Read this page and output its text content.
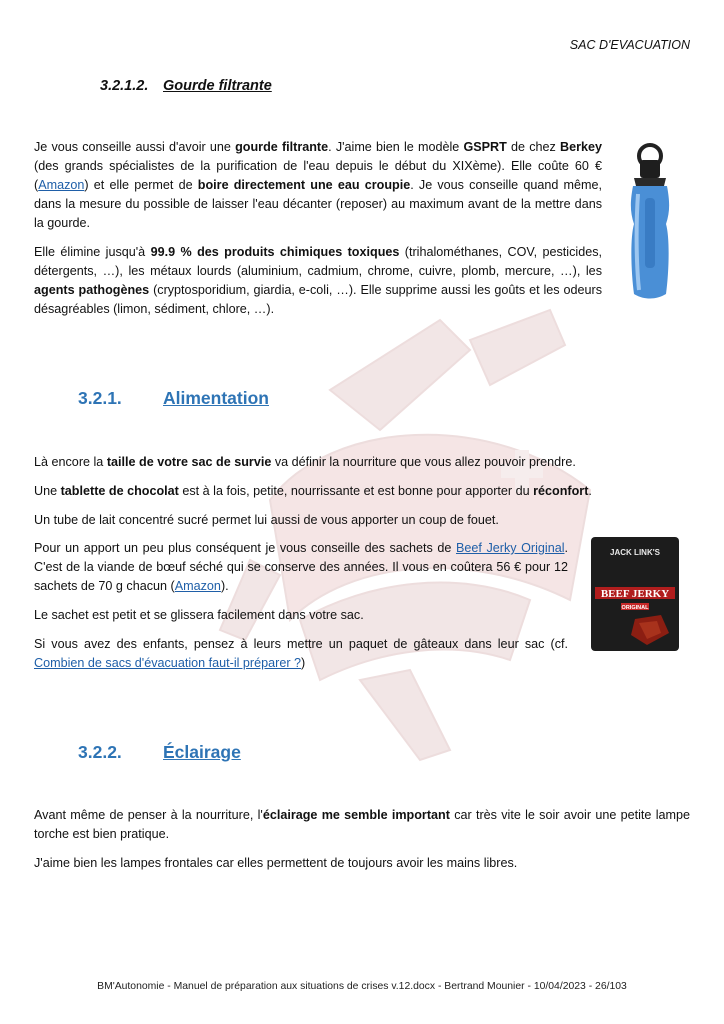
SAC D'EVACUATION
3.2.1.2. Gourde filtrante

Je vous conseille aussi d'avoir une gourde filtrante. J'aime bien le modèle GSPRT de chez Berkey (des grands spécialistes de la purification de l'eau depuis le début du XIXème). Elle coûte 60 € (Amazon) et elle permet de boire directement une eau croupie. Je vous conseille quand même, dans la mesure du possible de laisser l'eau décanter (reposer) au maximum avant de la mettre dans la gourde.

Elle élimine jusqu'à 99.9 % des produits chimiques toxiques (trihalométhanes, COV, pesticides, détergents, …), les métaux lourds (aluminium, cadmium, chrome, cuivre, plomb, mercure, …), les agents pathogènes (cryptosporidium, giardia, e-coli, …). Elle supprime aussi les goûts et les odeurs désagréables (limon, sédiment, chlore, …).

3.2.1. Alimentation

Là encore la taille de votre sac de survie va définir la nourriture que vous allez pouvoir prendre.

Une tablette de chocolat est à la fois, petite, nourrissante et est bonne pour apporter du réconfort.

Un tube de lait concentré sucré permet lui aussi de vous apporter un coup de fouet.

Pour un apport un peu plus conséquent je vous conseille des sachets de Beef Jerky Original. C'est de la viande de bœuf séché qui se conserve des années. Il vous en coûtera 56 € pour 12 sachets de 70 g chacun (Amazon).

Le sachet est petit et se glissera facilement dans votre sac.

Si vous avez des enfants, pensez à leurs mettre un paquet de gâteaux dans leur sac (cf. Combien de sacs d'évacuation faut-il préparer ?)

JACK LINK'S
BEEF JERKY
ORIGINAL
3.2.2. Éclairage

Avant même de penser à la nourriture, l'éclairage me semble important car très vite le soir avoir une petite lampe torche est bien pratique.

J'aime bien les lampes frontales car elles permettent de toujours avoir les mains libres.

BM'Autonomie - Manuel de préparation aux situations de crises v.12.docx - Bertrand Mounier - 10/04/2023 - 26/103
